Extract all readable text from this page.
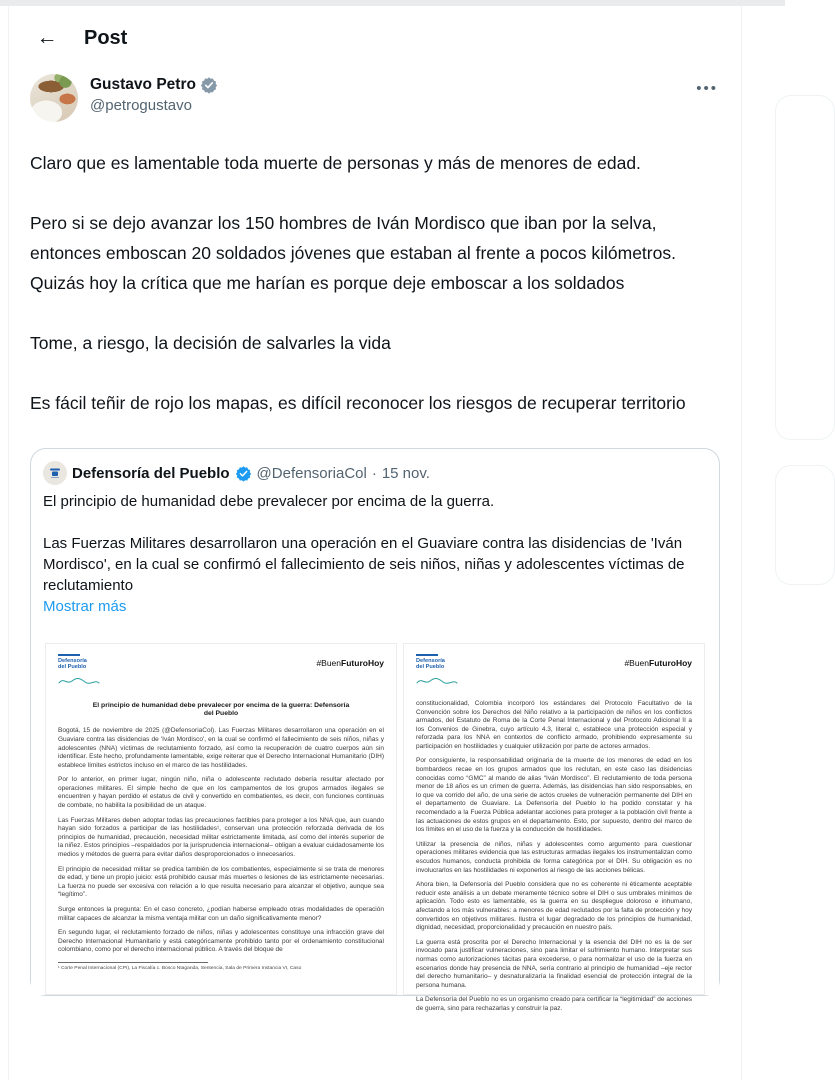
← Post
Gustavo Petro
@petrogustavo
•••

Claro que es lamentable toda muerte de personas y más de menores de edad.

Pero si se dejo avanzar los 150 hombres de Iván Mordisco que iban por la selva, entonces emboscan 20 soldados jóvenes que estaban al frente a pocos kilómetros. Quizás hoy la crítica que me harían es porque deje emboscar a los soldados

Tome, a riesgo, la decisión de salvarles la vida

Es fácil teñir de rojo los mapas, es difícil reconocer los riesgos de recuperar territorio

Defensoría del Pueblo @DefensoriaCol · 15 nov.

El principio de humanidad debe prevalecer por encima de la guerra.

Las Fuerzas Militares desarrollaron una operación en el Guaviare contra las disidencias de 'Iván Mordisco', en la cual se confirmó el fallecimiento de seis niños, niñas y adolescentes víctimas de reclutamiento

Mostrar más
Defensoría
del Pueblo	#BuenFuturoHoy
El principio de humanidad debe prevalecer por encima de la guerra: Defensoría del Pueblo

Bogotá, 15 de noviembre de 2025 (@DefensoriaCol). Las Fuerzas Militares desarrollaron una operación en el Guaviare contra las disidencias de 'Iván Mordisco', en la cual se confirmó el fallecimiento de seis niños, niñas y adolescentes (NNA) víctimas de reclutamiento forzado, así como la recuperación de cuatro cuerpos aún sin identificar. Este hecho, profundamente lamentable, exige reiterar que el Derecho Internacional Humanitario (DIH) establece límites estrictos incluso en el marco de las hostilidades.

Por lo anterior, en primer lugar, ningún niño, niña o adolescente reclutado debería resultar afectado por operaciones militares. El simple hecho de que en los campamentos de los grupos armados ilegales se encuentren y hayan perdido el estatus de civil y convertido en combatientes, es decir, con funciones continuas de combate, no habilita la posibilidad de un ataque.

Las Fuerzas Militares deben adoptar todas las precauciones factibles para proteger a los NNA que, aun cuando hayan sido forzados a participar de las hostilidades¹, conservan una protección reforzada derivada de los principios de humanidad, precaución, necesidad militar estrictamente limitada, así como del interés superior de la niñez. Estos principios –respaldados por la jurisprudencia internacional– obligan a evaluar cuidadosamente los medios y métodos de guerra para evitar daños desproporcionados o innecesarios.

El principio de necesidad militar se predica también de los combatientes, especialmente si se trata de menores de edad, y tiene un propio juicio: está prohibido causar más muertes o lesiones de las estrictamente necesarias. La fuerza no puede ser excesiva con relación a lo que resulta necesario para alcanzar el objetivo, aunque sea “legítimo”.

Surge entonces la pregunta: En el caso concreto, ¿podían haberse empleado otras modalidades de operación militar capaces de alcanzar la misma ventaja militar con un daño significativamente menor?

En segundo lugar, el reclutamiento forzado de niños, niñas y adolescentes constituye una infracción grave del Derecho Internacional Humanitario y está categóricamente prohibido tanto por el ordenamiento constitucional colombiano, como por el derecho internacional público. A través del bloque de

¹ Corte Penal Internacional (CPI), La Fiscalía c. Bosco Ntaganda, Sentencia, Sala de Primera Instancia VI, Caso
Defensoría
del Pueblo	#BuenFuturoHoy

constitucionalidad, Colombia incorporó los estándares del Protocolo Facultativo de la Convención sobre los Derechos del Niño relativo a la participación de niños en los conflictos armados, del Estatuto de Roma de la Corte Penal Internacional y del Protocolo Adicional II a los Convenios de Ginebra, cuyo artículo 4.3, literal c, establece una protección especial y reforzada para los NNA en contextos de conflicto armado, prohibiendo expresamente su participación en hostilidades y cualquier utilización por parte de actores armados.

Por consiguiente, la responsabilidad originaria de la muerte de los menores de edad en los bombardeos recae en los grupos armados que los reclutan, en este caso las disidencias conocidas como “GMC” al mando de alias “Iván Mordisco”. El reclutamiento de toda persona menor de 18 años es un crimen de guerra. Además, las disidencias han sido responsables, en lo que va corrido del año, de una serie de actos crueles de vulneración permanente del DIH en el departamento de Guaviare. La Defensoría del Pueblo lo ha podido constatar y ha recomendado a la Fuerza Pública adelantar acciones para proteger a la población civil frente a las actuaciones de estos grupos en el departamento. Esto, por supuesto, dentro del marco de los límites en el uso de la fuerza y la conducción de hostilidades.

Utilizar la presencia de niños, niñas y adolescentes como argumento para cuestionar operaciones militares evidencia que las estructuras armadas ilegales los instrumentalizan como escudos humanos, conducta prohibida de forma categórica por el DIH. Su obligación es no involucrarlos en las hostilidades ni exponerlos al riesgo de las acciones bélicas.

Ahora bien, la Defensoría del Pueblo considera que no es coherente ni éticamente aceptable reducir este análisis a un debate meramente técnico sobre el DIH o sus umbrales mínimos de aplicación. Todo esto es lamentable, es la guerra en su despliegue doloroso e inhumano, afectando a los más vulnerables: a menores de edad reclutados por la falta de protección y hoy convertidos en objetivos militares. Ilustra el lugar degradado de los principios de humanidad, dignidad, necesidad, proporcionalidad y precaución en nuestro país.

La guerra está proscrita por el Derecho Internacional y la esencia del DIH no es la de ser invocado para justificar vulneraciones, sino para limitar el sufrimiento humano. Interpretar sus normas como autorizaciones tácitas para excederse, o para normalizar el uso de la fuerza en escenarios donde hay presencia de NNA, sería contrario al principio de humanidad –eje rector del derecho humanitario– y desnaturalizaría la finalidad esencial de protección integral de la persona humana.

La Defensoría del Pueblo no es un organismo creado para certificar la “legitimidad” de acciones de guerra, sino para rechazarlas y construir la paz.
